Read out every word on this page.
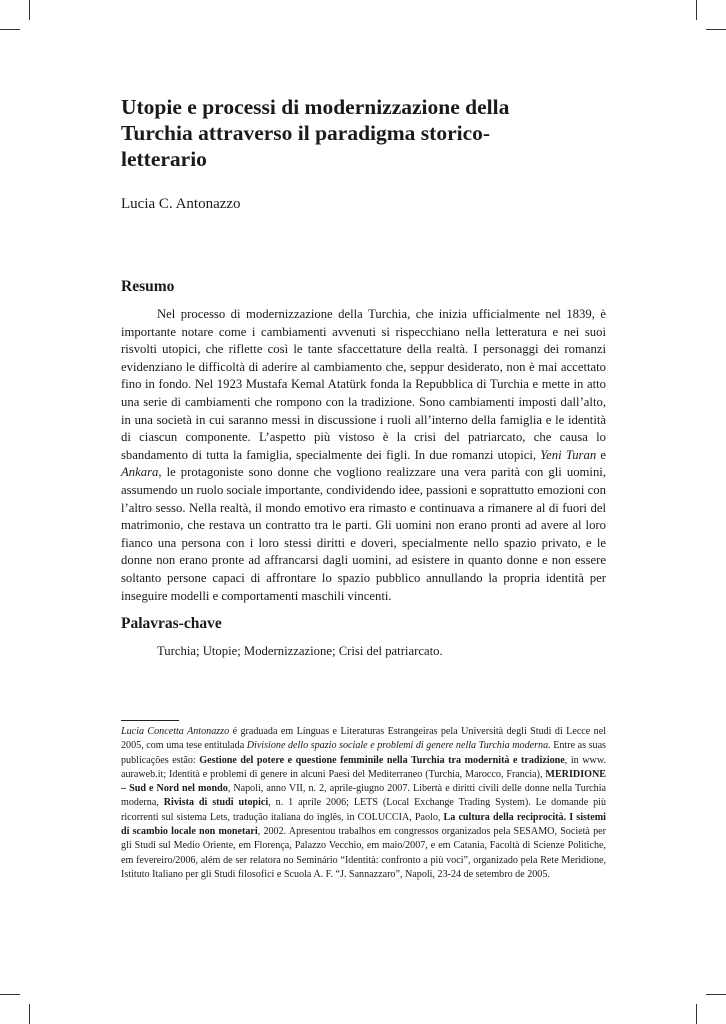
Utopie e processi di modernizzazione della Turchia attraverso il paradigma storico-letterario

Lucia C. Antonazzo

Resumo

Nel processo di modernizzazione della Turchia, che inizia ufficialmente nel 1839, è importante notare come i cambiamenti avvenuti si rispecchiano nella letteratura e nei suoi risvolti utopici, che riflette così le tante sfaccettature della realtà. I personaggi dei romanzi evidenziano le difficoltà di aderire al cambiamento che, seppur desiderato, non è mai accettato fino in fondo. Nel 1923 Mustafa Kemal Atatürk fonda la Repubblica di Turchia e mette in atto una serie di cambiamenti che rompono con la tradizione. Sono cambiamenti imposti dall’alto, in una società in cui saranno messi in discussione i ruoli all’interno della famiglia e le identità di ciascun componente. L’aspetto più vistoso è la crisi del patriarcato, che causa lo sbandamento di tutta la famiglia, specialmente dei figli. In due romanzi utopici, Yeni Turan e Ankara, le protagoniste sono donne che vogliono realizzare una vera parità con gli uomini, assumendo un ruolo sociale importante, condividendo idee, passioni e soprattutto emozioni con l’altro sesso. Nella realtà, il mondo emotivo era rimasto e continuava a rimanere al di fuori del matrimonio, che restava un contratto tra le parti. Gli uomini non erano pronti ad avere al loro fianco una persona con i loro stessi diritti e doveri, specialmente nello spazio privato, e le donne non erano pronte ad affrancarsi dagli uomini, ad esistere in quanto donne e non essere soltanto persone capaci di affrontare lo spazio pubblico annullando la propria identità per inseguire modelli e comportamenti maschili vincenti.

Palavras-chave

Turchia; Utopie; Modernizzazione; Crisi del patriarcato.

Lucia Concetta Antonazzo é graduada em Línguas e Literaturas Estrangeiras pela Università degli Studi di Lecce nel 2005, com uma tese entitulada Divisione dello spazio sociale e problemi di genere nella Turchia moderna. Entre as suas publicações estão: Gestione del potere e questione femminile nella Turchia tra modernità e tradizione, in www. auraweb.it; Identità e problemi di genere in alcuni Paesi del Mediterraneo (Turchia, Marocco, Francia), MERIDIONE – Sud e Nord nel mondo, Napoli, anno VII, n. 2, aprile-giugno 2007. Libertà e diritti civili delle donne nella Turchia moderna, Rivista di studi utopici, n. 1 aprile 2006; LETS (Local Exchange Trading System). Le domande più ricorrenti sul sistema Lets, tradução italiana do inglês, in COLUCCIA, Paolo, La cultura della reciprocità. I sistemi di scambio locale non monetari, 2002. Apresentou trabalhos em congressos organizados pela SESAMO, Società per gli Studi sul Medio Oriente, em Florença, Palazzo Vecchio, em maio/2007, e em Catania, Facoltà di Scienze Politiche, em fevereiro/2006, além de ser relatora no Seminário “Identità: confronto a più voci”, organizado pela Rete Meridione, Istituto Italiano per gli Studi filosofici e Scuola A. F. “J. Sannazzaro”, Napoli, 23-24 de setembro de 2005.
